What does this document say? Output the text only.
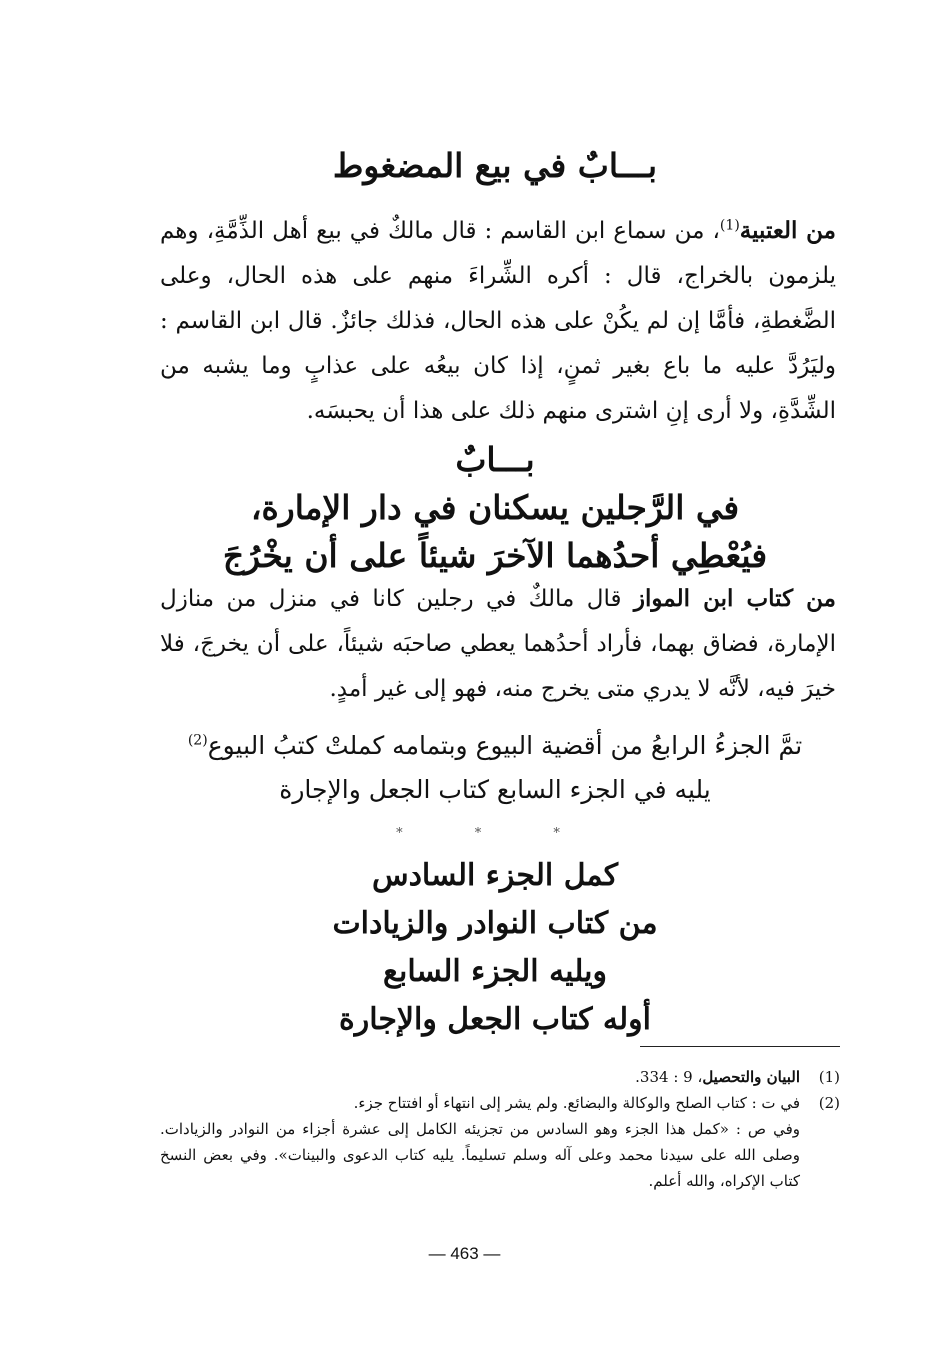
بـــابٌ في بيع المضغوط
من العتبية$^{(1)}$، من سماع ابن القاسم : قال مالكٌ في بيع أهل الذِّمَّةِ، وهم يلزمون بالخراج، قال : أكره الشِّراءَ منهم على هذه الحال، وعلى الضَّغطةِ، فأمَّا إن لم يكُنْ على هذه الحال، فذلك جائزٌ. قال ابن القاسم : وليَرُدَّ عليه ما باع بغير ثمنٍ، إذا كان بيعُه على عذابٍ وما يشبه من الشِّدَّةِ، ولا أرى إنِ اشترى منهم ذلك على هذا أن يحبسَه.
بـــابٌ
في الرَّجلين يسكنان في دار الإمارة،
فيُعْطِي أحدُهما الآخرَ شيئاً على أن يخْرُجَ
من كتاب ابن المواز قال مالكٌ في رجلين كانا في منزل من منازل الإمارة، فضاق بهما، فأراد أحدُهما يعطي صاحبَه شيئاً، على أن يخرجَ، فلا خيرَ فيه، لأنَّه لا يدري متى يخرج منه، فهو إلى غير أمدٍ.
تمَّ الجزءُ الرابعُ من أقضية البيوع وبتمامه كملتْ كتبُ البيوع$^{(2)}$
يليه في الجزء السابع كتاب الجعل والإجارة
* * *
كمل الجزء السادس
من كتاب النوادر والزيادات
ويليه الجزء السابع
أوله كتاب الجعل والإجارة
(1)
البيان والتحصيل، 9 : 334.
(2)
في ت : كتاب الصلح والوكالة والبضائع. ولم يشر إلى انتهاء أو افتتاح جزء.
وفي ص : «كمل هذا الجزء وهو السادس من تجزيئه الكامل إلى عشرة أجزاء من النوادر والزيادات. وصلى الله على سيدنا محمد وعلى آله وسلم تسليماً. يليه كتاب الدعوى والبينات». وفي بعض النسخ كتاب الإكراه، والله أعلم.
— 463 —
